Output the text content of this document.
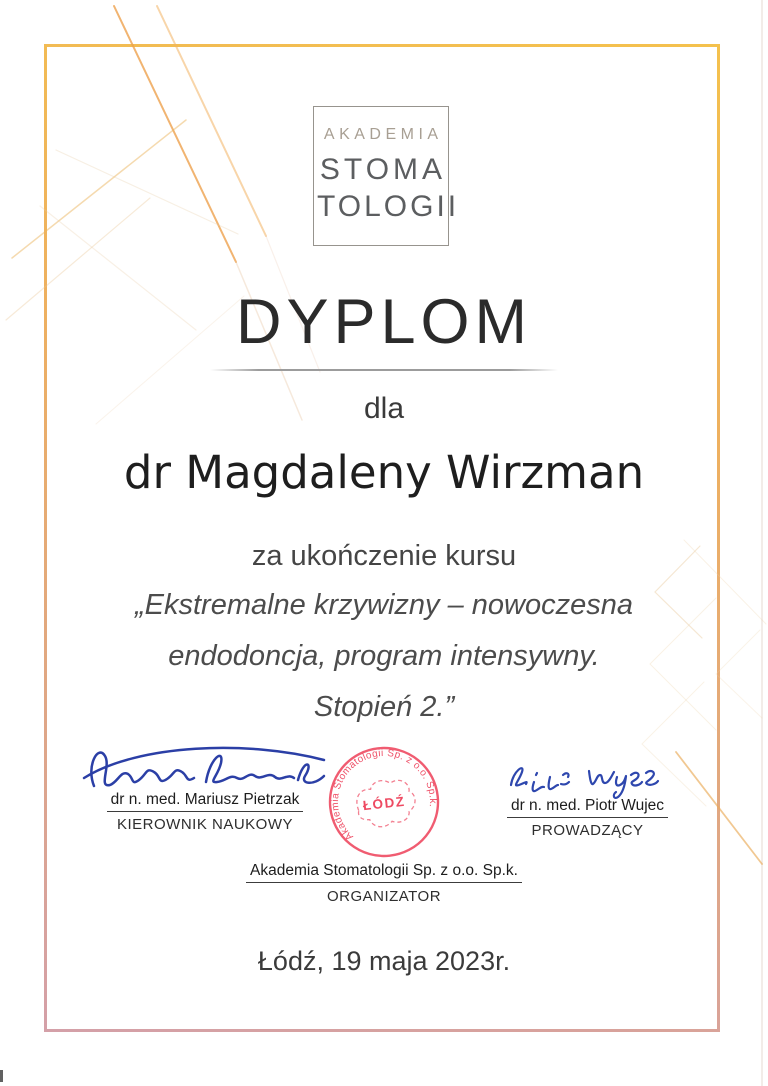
AKADEMIA
STOMA
TOLOGII
DYPLOM
dla
dr Magdaleny Wirzman
za ukończenie kursu
„Ekstremalne krzywizny – nowoczesna
endodoncja, program intensywny.
Stopień 2.”
dr n. med. Mariusz Pietrzak
KIEROWNIK NAUKOWY
Akademia Stomatologii Sp. z o.o. Sp.k.
ŁÓDŹ	dr n. med. Piotr Wujec
PROWADZĄCY
Akademia Stomatologii Sp. z o.o. Sp.k.
ORGANIZATOR
Łódź, 19 maja 2023r.
